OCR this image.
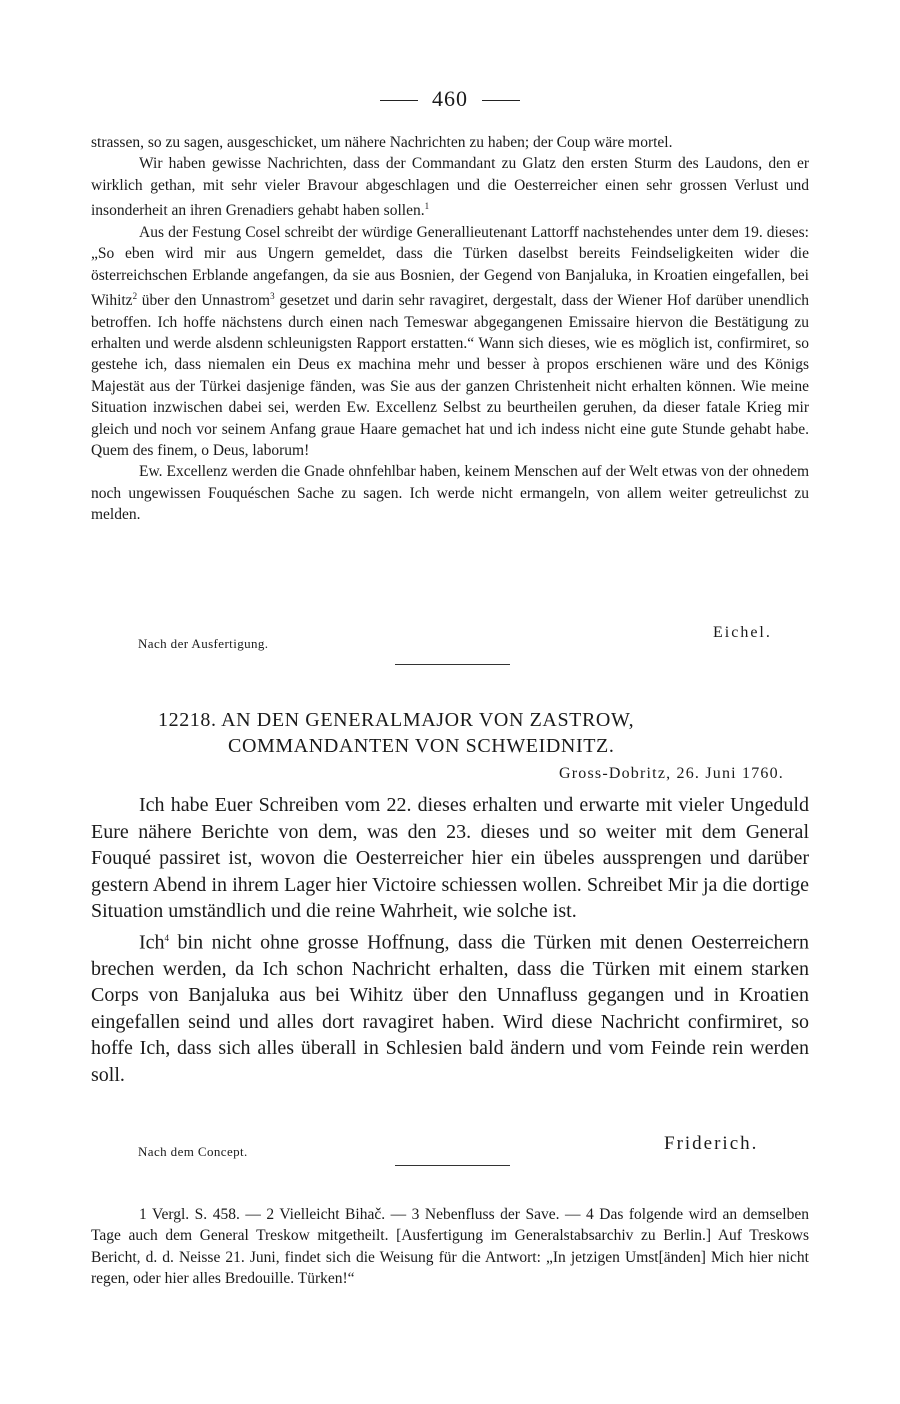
460

strassen, so zu sagen, ausgeschicket, um nähere Nachrichten zu haben; der Coup wäre mortel.

Wir haben gewisse Nachrichten, dass der Commandant zu Glatz den ersten Sturm des Laudons, den er wirklich gethan, mit sehr vieler Bravour abgeschlagen und die Oesterreicher einen sehr grossen Verlust und insonderheit an ihren Grenadiers gehabt haben sollen.$^1$

Aus der Festung Cosel schreibt der würdige Generallieutenant Lattorff nachstehendes unter dem 19. dieses: „So eben wird mir aus Ungern gemeldet, dass die Türken daselbst bereits Feindseligkeiten wider die österreichschen Erblande angefangen, da sie aus Bosnien, der Gegend von Banjaluka, in Kroatien eingefallen, bei Wihitz$^2$ über den Unnastrom$^3$ gesetzet und darin sehr ravagiret, dergestalt, dass der Wiener Hof darüber unendlich betroffen. Ich hoffe nächstens durch einen nach Temeswar abgegangenen Emissaire hiervon die Bestätigung zu erhalten und werde alsdenn schleunigsten Rapport erstatten.“ Wann sich dieses, wie es möglich ist, confirmiret, so gestehe ich, dass niemalen ein Deus ex machina mehr und besser à propos erschienen wäre und des Königs Majestät aus der Türkei dasjenige fänden, was Sie aus der ganzen Christenheit nicht erhalten können. Wie meine Situation inzwischen dabei sei, werden Ew. Excellenz Selbst zu beurtheilen geruhen, da dieser fatale Krieg mir gleich und noch vor seinem Anfang graue Haare gemachet hat und ich indess nicht eine gute Stunde gehabt habe. Quem des finem, o Deus, laborum!

Ew. Excellenz werden die Gnade ohnfehlbar haben, keinem Menschen auf der Welt etwas von der ohnedem noch ungewissen Fouquéschen Sache zu sagen. Ich werde nicht ermangeln, von allem weiter getreulichst zu melden.

Nach der Ausfertigung.
Eichel.
12218. AN DEN GENERALMAJOR VON ZASTROW,
COMMANDANTEN VON SCHWEIDNITZ.
Gross-Dobritz, 26. Juni 1760.

Ich habe Euer Schreiben vom 22. dieses erhalten und erwarte mit vieler Ungeduld Eure nähere Berichte von dem, was den 23. dieses und so weiter mit dem General Fouqué passiret ist, wovon die Oesterreicher hier ein übeles aussprengen und darüber gestern Abend in ihrem Lager hier Victoire schiessen wollen. Schreibet Mir ja die dortige Situation umständlich und die reine Wahrheit, wie solche ist.

Ich$^4$ bin nicht ohne grosse Hoffnung, dass die Türken mit denen Oesterreichern brechen werden, da Ich schon Nachricht erhalten, dass die Türken mit einem starken Corps von Banjaluka aus bei Wihitz über den Unnafluss gegangen und in Kroatien eingefallen seind und alles dort ravagiret haben. Wird diese Nachricht confirmiret, so hoffe Ich, dass sich alles überall in Schlesien bald ändern und vom Feinde rein werden soll.

Nach dem Concept.	Friderich.

1 Vergl. S. 458. — 2 Vielleicht Bihač. — 3 Nebenfluss der Save. — 4 Das folgende wird an demselben Tage auch dem General Treskow mitgetheilt. [Ausfertigung im Generalstabsarchiv zu Berlin.] Auf Treskows Bericht, d. d. Neisse 21. Juni, findet sich die Weisung für die Antwort: „In jetzigen Umst[änden] Mich hier nicht regen, oder hier alles Bredouille. Türken!“
